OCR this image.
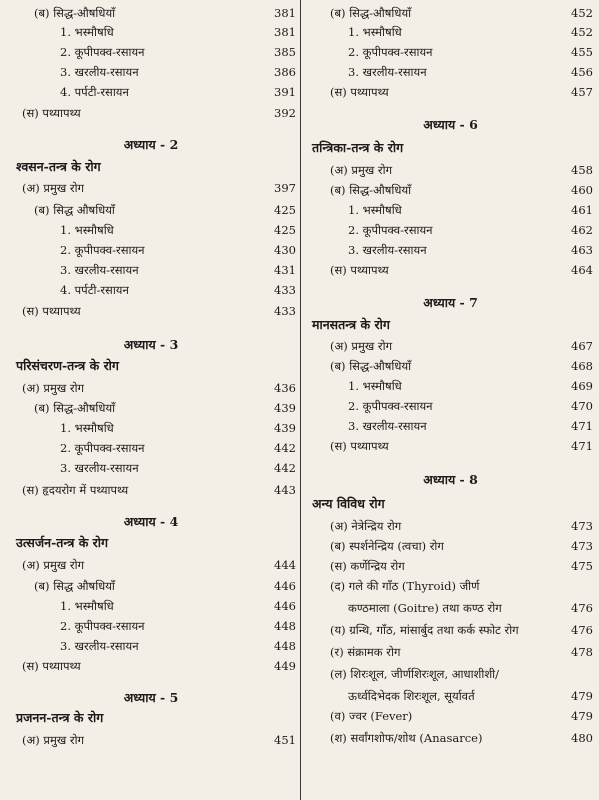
(ब) सिद्ध-औषधियाँ	381
1. भस्मौषधि	381
2. कूपीपक्व-रसायन	385
3. खरलीय-रसायन	386
4. पर्पटी-रसायन	391
(स) पथ्यापथ्य	392
अध्याय - 2
श्वसन-तन्त्र के रोग
(अ) प्रमुख रोग	397
(ब) सिद्ध औषधियाँ	425
1. भस्मौषधि	425
2. कूपीपक्व-रसायन	430
3. खरलीय-रसायन	431
4. पर्पटी-रसायन	433
(स) पथ्यापथ्य	433
अध्याय - 3
परिसंचरण-तन्त्र के रोग
(अ) प्रमुख रोग	436
(ब) सिद्ध-औषधियाँ	439
1. भस्मौषधि	439
2. कूपीपक्व-रसायन	442
3. खरलीय-रसायन	442
(स) हृदयरोग में पथ्यापथ्य	443
अध्याय - 4
उत्सर्जन-तन्त्र के रोग
(अ) प्रमुख रोग	444
(ब) सिद्ध औषधियाँ	446
1. भस्मौषधि	446
2. कूपीपक्व-रसायन	448
3. खरलीय-रसायन	448
(स) पथ्यापथ्य	449
अध्याय - 5
प्रजनन-तन्त्र के रोग
(अ) प्रमुख रोग	451
(ब) सिद्ध-औषधियाँ	452
1. भस्मौषधि	452
2. कूपीपक्व-रसायन	455
3. खरलीय-रसायन	456
(स) पथ्यापथ्य	457
अध्याय - 6
तन्त्रिका-तन्त्र के रोग
(अ) प्रमुख रोग	458
(ब) सिद्ध-औषधियाँ	460
1. भस्मौषधि	461
2. कूपीपक्व-रसायन	462
3. खरलीय-रसायन	463
(स) पथ्यापथ्य	464
अध्याय - 7
मानसतन्त्र के रोग
(अ) प्रमुख रोग	467
(ब) सिद्ध-औषधियाँ	468
1. भस्मौषधि	469
2. कूपीपक्व-रसायन	470
3. खरलीय-रसायन	471
(स) पथ्यापथ्य	471
अध्याय - 8
अन्य विविध रोग
(अ) नेत्रेन्द्रिय रोग	473
(ब) स्पर्शनेन्द्रिय (त्वचा) रोग	473
(स) कर्णेन्द्रिय रोग	475
(द) गले की गाँठ (Thyroid) जीर्ण
कण्ठमाला (Goitre) तथा कण्ठ रोग	476
(य) ग्रन्थि, गाँठ, मांसार्बुद तथा कर्क स्फोट रोग	476
(र) संक्रामक रोग	478
(ल) शिरःशूल, जीर्णशिरःशूल, आधाशीशी/
ऊर्ध्वदिभेदक शिरःशूल, सूर्यावर्त	479
(व) ज्वर (Fever)	479
(श) सर्वांगशोफ/शोथ (Anasarce)	480
